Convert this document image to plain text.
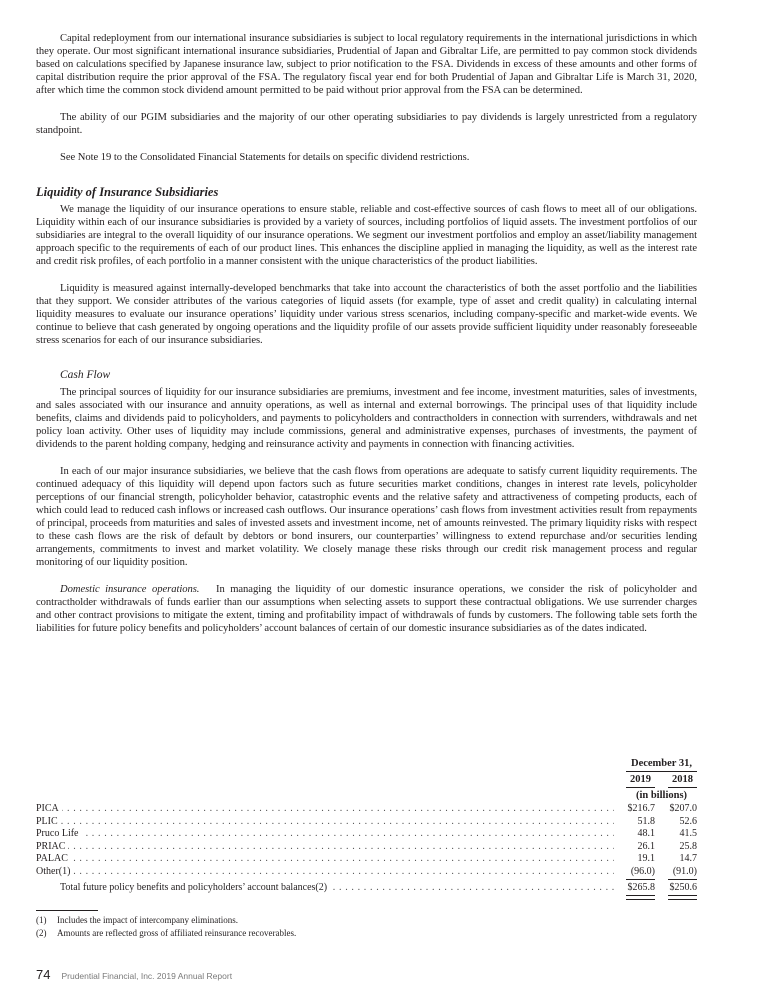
Capital redeployment from our international insurance subsidiaries is subject to local regulatory requirements in the international jurisdictions in which they operate. Our most significant international insurance subsidiaries, Prudential of Japan and Gibraltar Life, are permitted to pay common stock dividends based on calculations specified by Japanese insurance law, subject to prior notification to the FSA. Dividends in excess of these amounts and other forms of capital distribution require the prior approval of the FSA. The regulatory fiscal year end for both Prudential of Japan and Gibraltar Life is March 31, 2020, after which time the common stock dividend amount permitted to be paid without prior approval from the FSA can be determined.

The ability of our PGIM subsidiaries and the majority of our other operating subsidiaries to pay dividends is largely unrestricted from a regulatory standpoint.

See Note 19 to the Consolidated Financial Statements for details on specific dividend restrictions.

Liquidity of Insurance Subsidiaries

We manage the liquidity of our insurance operations to ensure stable, reliable and cost-effective sources of cash flows to meet all of our obligations. Liquidity within each of our insurance subsidiaries is provided by a variety of sources, including portfolios of liquid assets. The investment portfolios of our subsidiaries are integral to the overall liquidity of our insurance operations. We segment our investment portfolios and employ an asset/liability management approach specific to the requirements of each of our product lines. This enhances the discipline applied in managing the liquidity, as well as the interest rate and credit risk profiles, of each portfolio in a manner consistent with the unique characteristics of the product liabilities.

Liquidity is measured against internally-developed benchmarks that take into account the characteristics of both the asset portfolio and the liabilities that they support. We consider attributes of the various categories of liquid assets (for example, type of asset and credit quality) in calculating internal liquidity measures to evaluate our insurance operations’ liquidity under various stress scenarios, including company-specific and market-wide events. We continue to believe that cash generated by ongoing operations and the liquidity profile of our assets provide sufficient liquidity under reasonably foreseeable stress scenarios for each of our insurance subsidiaries.

Cash Flow

The principal sources of liquidity for our insurance subsidiaries are premiums, investment and fee income, investment maturities, sales of investments, and sales associated with our insurance and annuity operations, as well as internal and external borrowings. The principal uses of that liquidity include benefits, claims and dividends paid to policyholders, and payments to policyholders and contractholders in connection with surrenders, withdrawals and net policy loan activity. Other uses of liquidity may include commissions, general and administrative expenses, purchases of investments, the payment of dividends to the parent holding company, hedging and reinsurance activity and payments in connection with financing activities.

In each of our major insurance subsidiaries, we believe that the cash flows from operations are adequate to satisfy current liquidity requirements. The continued adequacy of this liquidity will depend upon factors such as future securities market conditions, changes in interest rate levels, policyholder perceptions of our financial strength, policyholder behavior, catastrophic events and the relative safety and attractiveness of competing products, each of which could lead to reduced cash inflows or increased cash outflows. Our insurance operations’ cash flows from investment activities result from repayments of principal, proceeds from maturities and sales of invested assets and investment income, net of amounts reinvested. The primary liquidity risks with respect to these cash flows are the risk of default by debtors or bond insurers, our counterparties’ willingness to extend repurchase and/or securities lending arrangements, commitments to invest and market volatility. We closely manage these risks through our credit risk management process and regular monitoring of our liquidity position.

Domestic insurance operations. In managing the liquidity of our domestic insurance operations, we consider the risk of policyholder and contractholder withdrawals of funds earlier than our assumptions when selecting assets to support these contractual obligations. We use surrender charges and other contract provisions to mitigate the extent, timing and profitability impact of withdrawals of funds by customers. The following table sets forth the liabilities for future policy benefits and policyholders’ account balances of certain of our domestic insurance subsidiaries as of the dates indicated.

December 31,
2019	2018
(in billions)
PICA . . .	$216.7	$207.0
PLIC . . .	51.8	52.6
Pruco Life . . .	48.1	41.5
PRIAC . . .	26.1	25.8
PALAC . . .	19.1	14.7
Other(1) . . .	(96.0)	(91.0)
Total future policy benefits and policyholders’ account balances(2) . . .	$265.8	$250.6
(1) Includes the impact of intercompany eliminations.
(2) Amounts are reflected gross of affiliated reinsurance recoverables.
74 Prudential Financial, Inc. 2019 Annual Report
